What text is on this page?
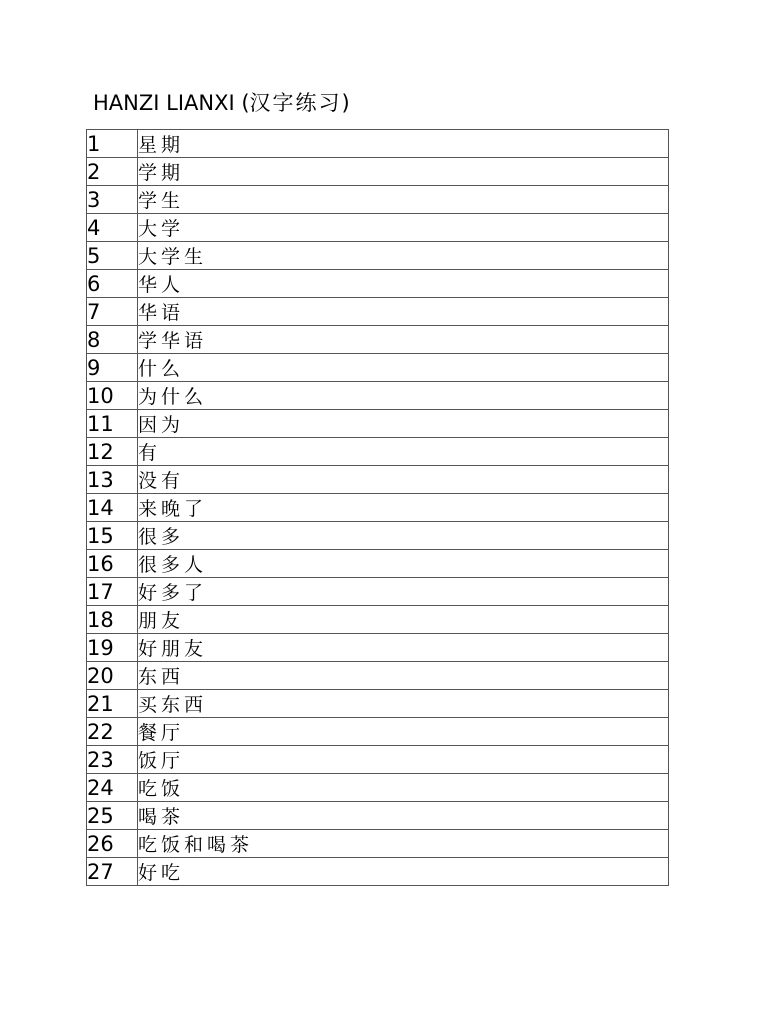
HANZI LIANXI (汉字练习)
1	星期
2	学期
3	学生
4	大学
5	大学生
6	华人
7	华语
8	学华语
9	什么
10	为什么
11	因为
12	有
13	没有
14	来晚了
15	很多
16	很多人
17	好多了
18	朋友
19	好朋友
20	东西
21	买东西
22	餐厅
23	饭厅
24	吃饭
25	喝茶
26	吃饭和喝茶
27	好吃
